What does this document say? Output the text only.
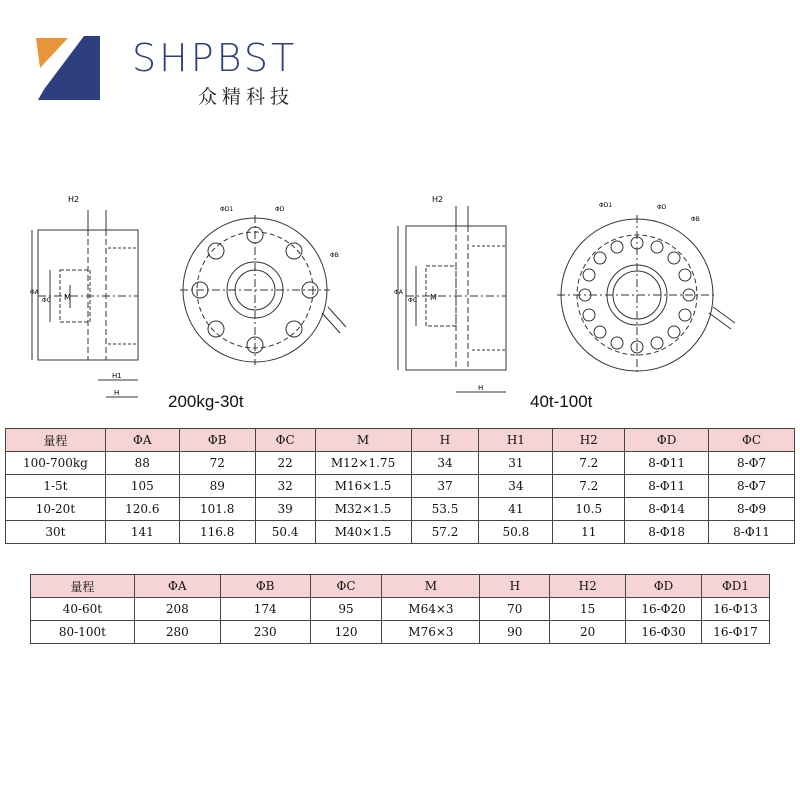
SHPBST
众精科技
H2
ΦA
ΦC M
H1
H
ΦD1	ΦD
ΦB
200kg-30t
H2
ΦA
ΦC M
H
ΦD1	ΦD
ΦB
40t-100t
量程	ΦA	ΦB	ΦC	M	H	H1	H2	ΦD	ΦC
100-700kg	88	72	22	M12×1.75	34	31	7.2	8-Φ11	8-Φ7
1-5t	105	89	32	M16×1.5	37	34	7.2	8-Φ11	8-Φ7
10-20t	120.6	101.8	39	M32×1.5	53.5	41	10.5	8-Φ14	8-Φ9
30t	141	116.8	50.4	M40×1.5	57.2	50.8	11	8-Φ18	8-Φ11
量程	ΦA	ΦB	ΦC	M	H	H2	ΦD	ΦD1
40-60t	208	174	95	M64×3	70	15	16-Φ20	16-Φ13
80-100t	280	230	120	M76×3	90	20	16-Φ30	16-Φ17
